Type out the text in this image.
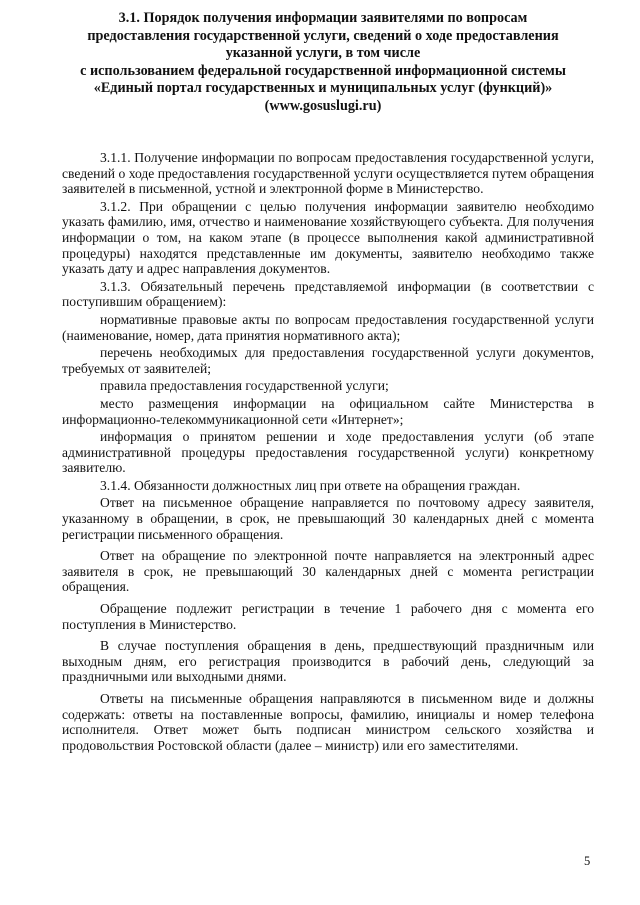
3.1. Порядок получения информации заявителями по вопросам
предоставления государственной услуги, сведений о ходе предоставления
указанной услуги, в том числе
с использованием федеральной государственной информационной системы
«Единый портал государственных и муниципальных услуг (функций)»
(www.gosuslugi.ru)

3.1.1. Получение информации по вопросам предоставления государственной услуги, сведений о ходе предоставления государственной услуги осуществляется путем обращения заявителей в письменной, устной и электронной форме в Министерство.

3.1.2. При обращении с целью получения информации заявителю необходимо указать фамилию, имя, отчество и наименование хозяйствующего субъекта. Для получения информации о том, на каком этапе (в процессе выполнения какой административной процедуры) находятся представленные им документы, заявителю необходимо также указать дату и адрес направления документов.

3.1.3. Обязательный перечень представляемой информации (в соответствии с поступившим обращением):

нормативные правовые акты по вопросам предоставления государственной услуги (наименование, номер, дата принятия нормативного акта);

перечень необходимых для предоставления государственной услуги документов, требуемых от заявителей;

правила предоставления государственной услуги;

место размещения информации на официальном сайте Министерства в информационно-телекоммуникационной сети «Интернет»;

информация о принятом решении и ходе предоставления услуги (об этапе административной процедуры предоставления государственной услуги) конкретному заявителю.

3.1.4. Обязанности должностных лиц при ответе на обращения граждан.

Ответ на письменное обращение направляется по почтовому адресу заявителя, указанному в обращении, в срок, не превышающий 30 календарных дней с момента регистрации письменного обращения.

Ответ на обращение по электронной почте направляется на электронный адрес заявителя в срок, не превышающий 30 календарных дней с момента регистрации обращения.

Обращение подлежит регистрации в течение 1 рабочего дня с момента его поступления в Министерство.

В случае поступления обращения в день, предшествующий праздничным или выходным дням, его регистрация производится в рабочий день, следующий за праздничными или выходными днями.

Ответы на письменные обращения направляются в письменном виде и должны содержать: ответы на поставленные вопросы, фамилию, инициалы и номер телефона исполнителя. Ответ может быть подписан министром сельского хозяйства и продовольствия Ростовской области (далее – министр) или его заместителями.

5
